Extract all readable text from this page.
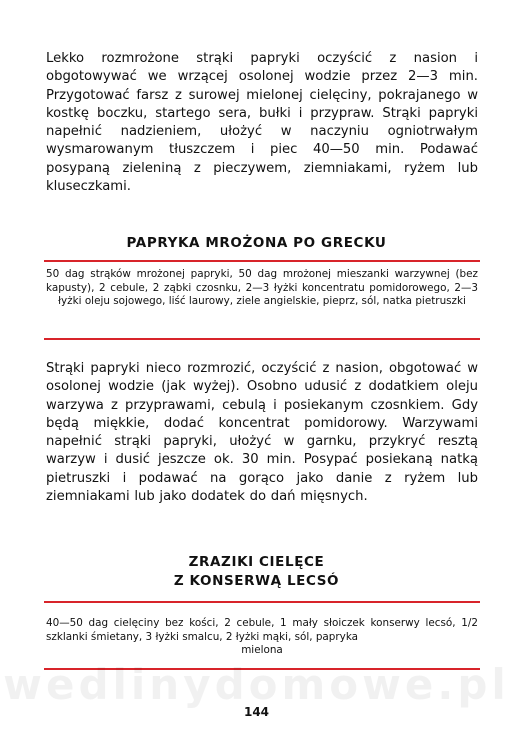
Lekko rozmrożone strąki papryki oczyścić z nasion i obgotowywać we wrzącej osolonej wodzie przez 2—3 min. Przygotować farsz z surowej mielonej cielęciny, pokrajanego w kostkę boczku, startego sera, bułki i przypraw. Strąki papryki napełnić nadzieniem, ułożyć w naczyniu ogniotrwałym wysmarowanym tłuszczem i piec 40—50 min. Podawać posypaną zieleniną z pieczywem, ziemniakami, ryżem lub kluseczkami.

PAPRYKA MROŻONA PO GRECKU

50 dag strąków mrożonej papryki, 50 dag mrożonej mieszanki warzywnej (bez kapusty), 2 cebule, 2 ząbki czosnku, 2—3 łyżki koncentratu pomidorowego, 2—3 łyżki oleju sojowego, liść laurowy, ziele angielskie, pieprz, sól, natka pietruszki

Strąki papryki nieco rozmrozić, oczyścić z nasion, obgotować w osolonej wodzie (jak wyżej). Osobno udusić z dodatkiem oleju warzywa z przyprawami, cebulą i posiekanym czosnkiem. Gdy będą miękkie, dodać koncentrat pomidorowy. Warzywami napełnić strąki papryki, ułożyć w garnku, przykryć resztą warzyw i dusić jeszcze ok. 30 min. Posypać posiekaną natką pietruszki i podawać na gorąco jako danie z ryżem lub ziemniakami lub jako dodatek do dań mięsnych.

ZRAZIKI CIELĘCE
Z KONSERWĄ LECSÓ

40—50 dag cielęciny bez kości, 2 cebule, 1 mały słoiczek konserwy lecsó, 1/2 szklanki śmietany, 3 łyżki smalcu, 2 łyżki mąki, sól, papryka
mielona

wedlinydomowe.pl
144
